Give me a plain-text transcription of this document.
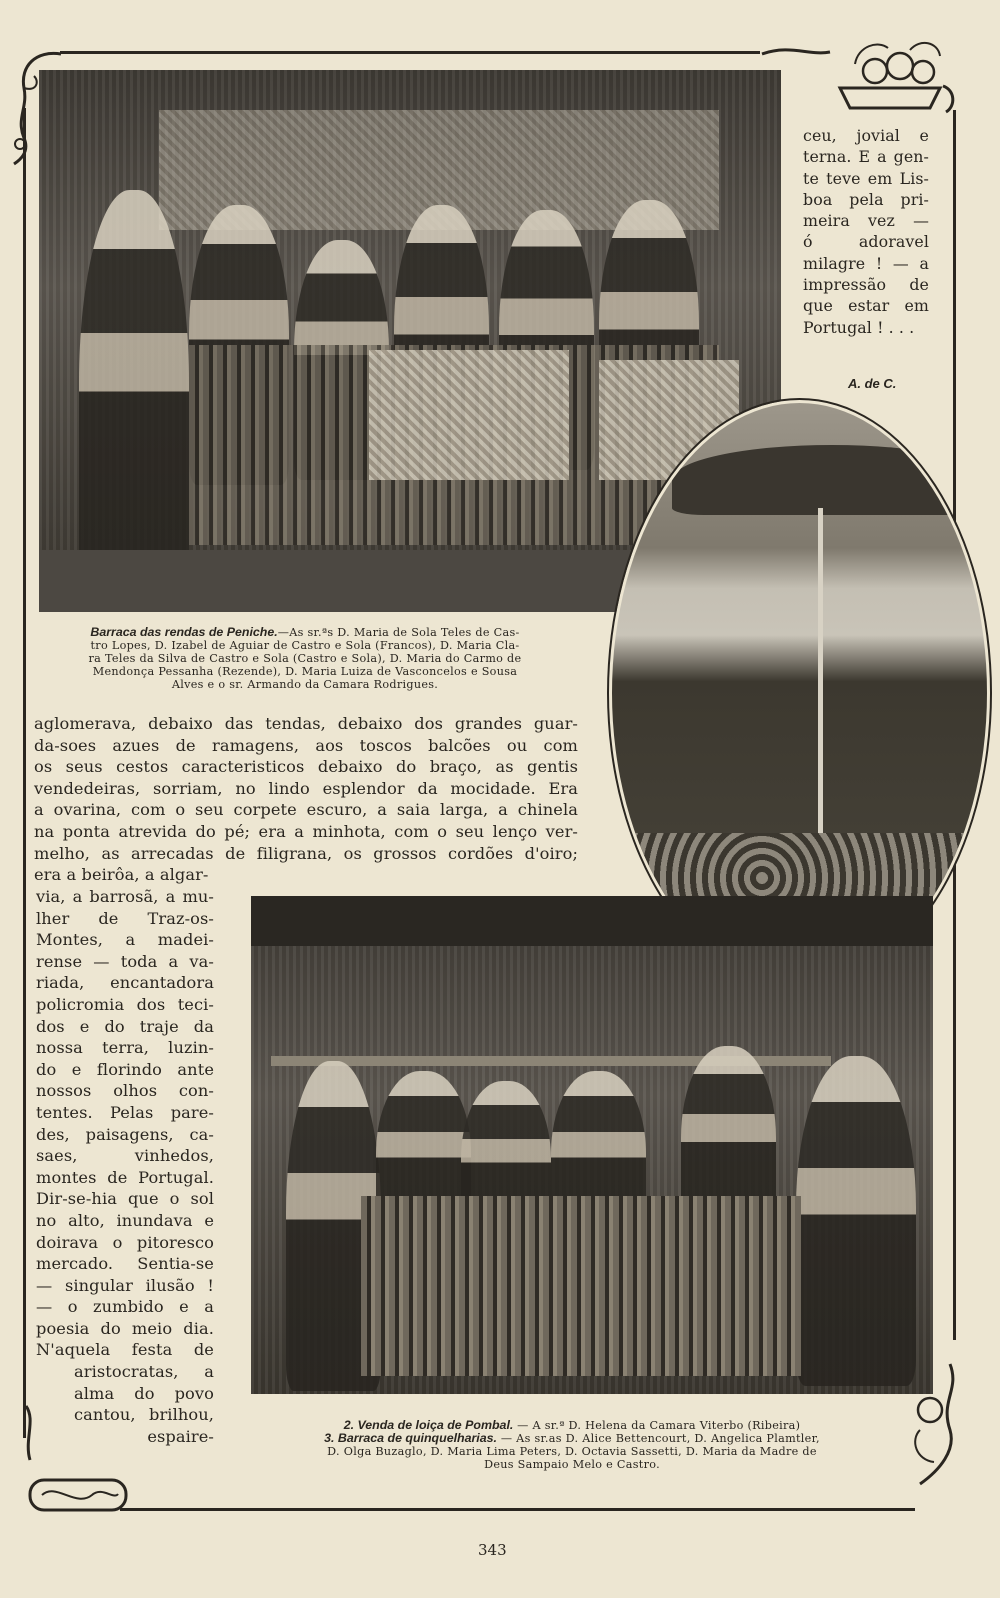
ceu, jovial e
terna. E a gen-
te teve em Lis-
boa pela pri-
meira vez —
ó adoravel
milagre ! — a
impressão de
que estar em
Portugal ! . . .
A. de C.
Barraca das rendas de Peniche.—As sr.ªs D. Maria de Sola Teles de Cas-
tro Lopes, D. Izabel de Aguiar de Castro e Sola (Francos), D. Maria Cla-
ra Teles da Silva de Castro e Sola (Castro e Sola), D. Maria do Carmo de
Mendonça Pessanha (Rezende), D. Maria Luiza de Vasconcelos e Sousa
Alves e o sr. Armando da Camara Rodrigues.
aglomerava, debaixo das tendas, debaixo dos grandes guar-
da-soes azues de ramagens, aos toscos balcões ou com
os seus cestos caracteristicos debaixo do braço, as gentis
vendedeiras, sorriam, no lindo esplendor da mocidade. Era
a ovarina, com o seu corpete escuro, a saia larga, a chinela
na ponta atrevida do pé; era a minhota, com o seu lenço ver-
melho, as arrecadas de filigrana, os grossos cordões d'oiro;
era a beirôa, a algar-
via, a barrosã, a mu-
lher de Traz-os-
Montes, a madei-
rense — toda a va-
riada, encantadora
policromia dos teci-
dos e do traje da
nossa terra, luzin-
do e florindo ante
nossos olhos con-
tentes. Pelas pare-
des, paisagens, ca-
saes, vinhedos,
montes de Portugal.
Dir-se-hia que o sol
no alto, inundava e
doirava o pitoresco
mercado. Sentia-se
— singular ilusão !
— o zumbido e a
poesia do meio dia.
N'aquela festa de
aristocratas, a
alma do povo
cantou, brilhou,
espaire-
2. Venda de loiça de Pombal. — A sr.ª D. Helena da Camara Viterbo (Ribeira)
3. Barraca de quinquelharias. — As sr.as D. Alice Bettencourt, D. Angelica Plamtler,
D. Olga Buzaglo, D. Maria Lima Peters, D. Octavia Sassetti, D. Maria da Madre de
Deus Sampaio Melo e Castro.
343
